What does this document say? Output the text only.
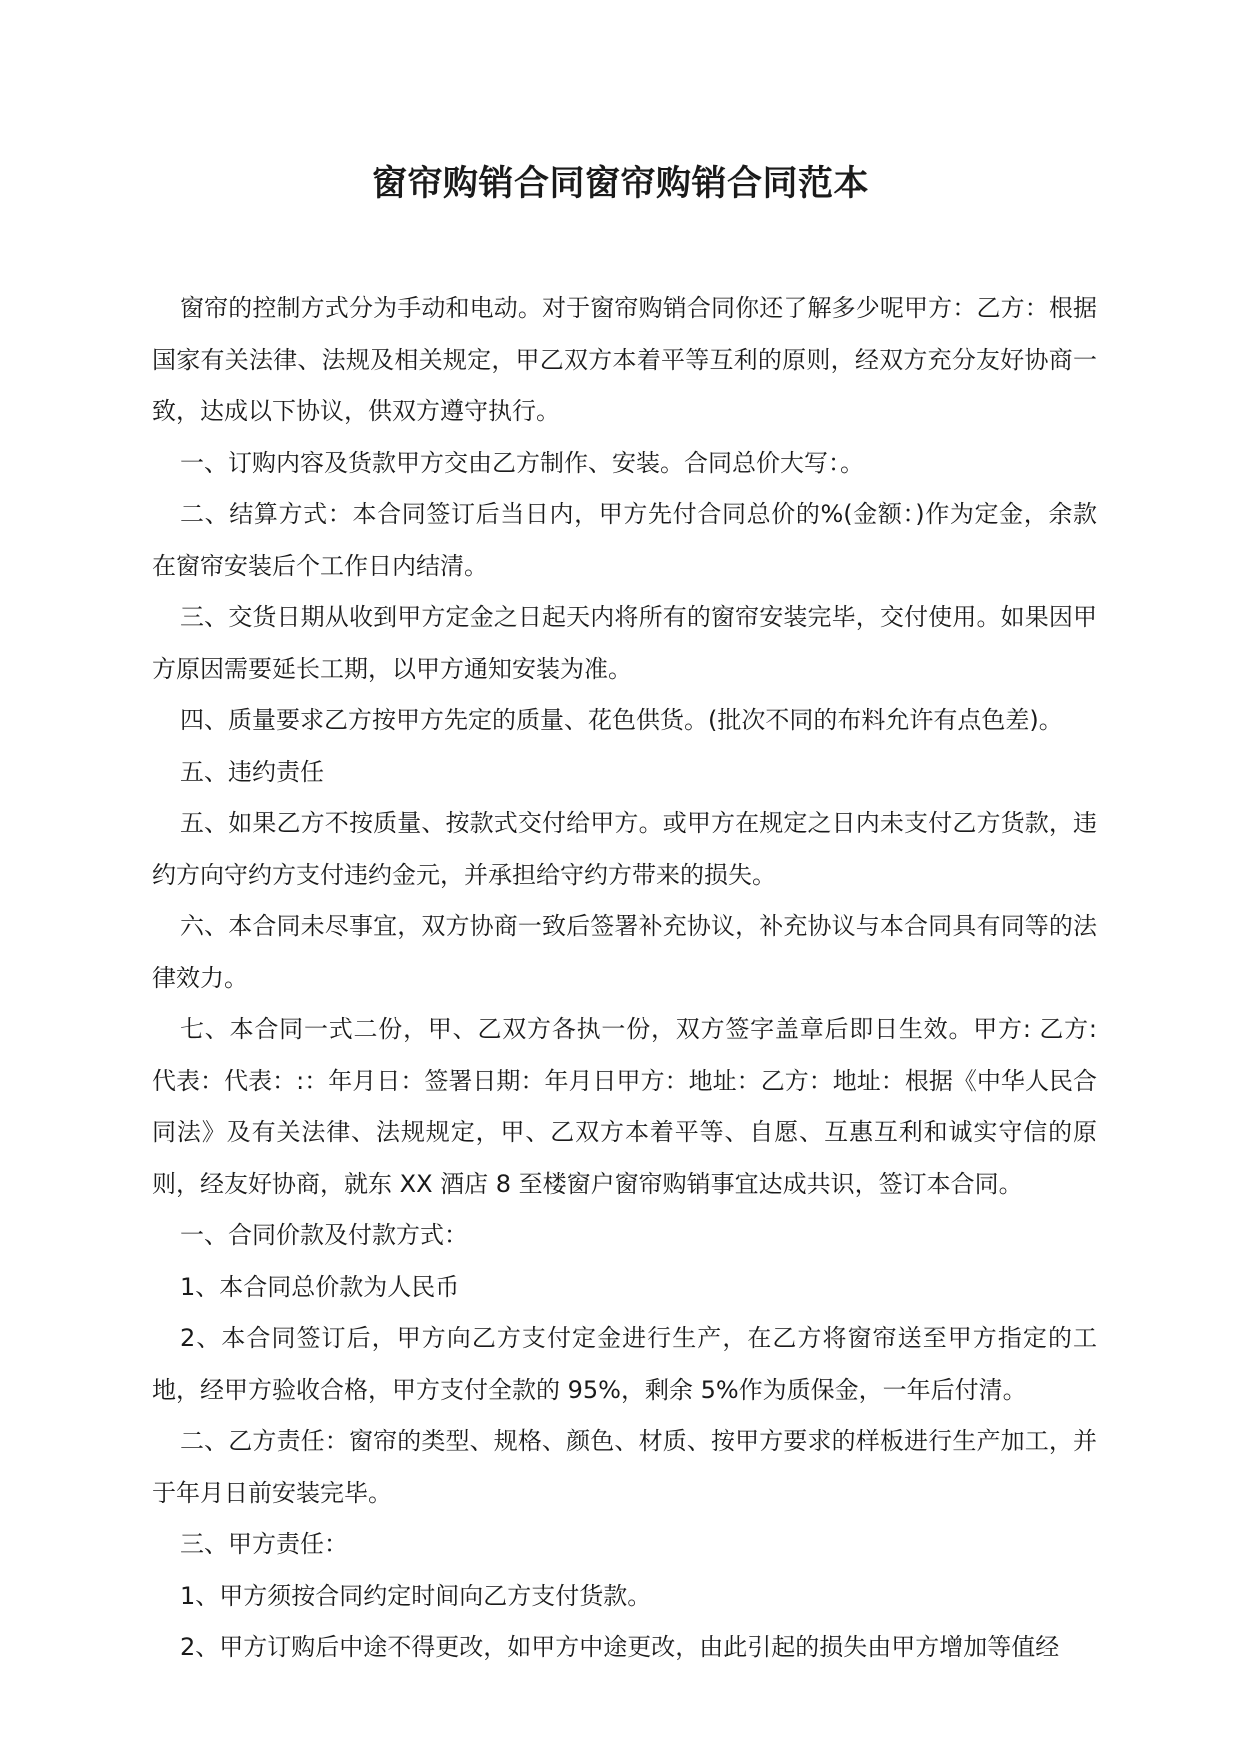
窗帘购销合同窗帘购销合同范本

窗帘的控制方式分为手动和电动。对于窗帘购销合同你还了解多少呢甲方：乙方：根据国家有关法律、法规及相关规定，甲乙双方本着平等互利的原则，经双方充分友好协商一致，达成以下协议，供双方遵守执行。

一、订购内容及货款甲方交由乙方制作、安装。合同总价大写：。

二、结算方式：本合同签订后当日内，甲方先付合同总价的%(金额：)作为定金，余款在窗帘安装后个工作日内结清。

三、交货日期从收到甲方定金之日起天内将所有的窗帘安装完毕，交付使用。如果因甲方原因需要延长工期，以甲方通知安装为准。

四、质量要求乙方按甲方先定的质量、花色供货。(批次不同的布料允许有点色差)。

五、违约责任

五、如果乙方不按质量、按款式交付给甲方。或甲方在规定之日内未支付乙方货款，违约方向守约方支付违约金元，并承担给守约方带来的损失。

六、本合同未尽事宜，双方协商一致后签署补充协议，补充协议与本合同具有同等的法律效力。

七、本合同一式二份，甲、乙双方各执一份，双方签字盖章后即日生效。甲方: 乙方: 代表：代表：:：年月日：签署日期：年月日甲方：地址：乙方：地址：根据《中华人民合同法》及有关法律、法规规定，甲、乙双方本着平等、自愿、互惠互利和诚实守信的原则，经友好协商，就东 XX 酒店 8 至楼窗户窗帘购销事宜达成共识，签订本合同。

一、合同价款及付款方式：

1、本合同总价款为人民币

2、本合同签订后，甲方向乙方支付定金进行生产，在乙方将窗帘送至甲方指定的工地，经甲方验收合格，甲方支付全款的 95%，剩余 5%作为质保金，一年后付清。

二、乙方责任：窗帘的类型、规格、颜色、材质、按甲方要求的样板进行生产加工，并于年月日前安装完毕。

三、甲方责任：

1、甲方须按合同约定时间向乙方支付货款。

2、甲方订购后中途不得更改，如甲方中途更改，由此引起的损失由甲方增加等值经
